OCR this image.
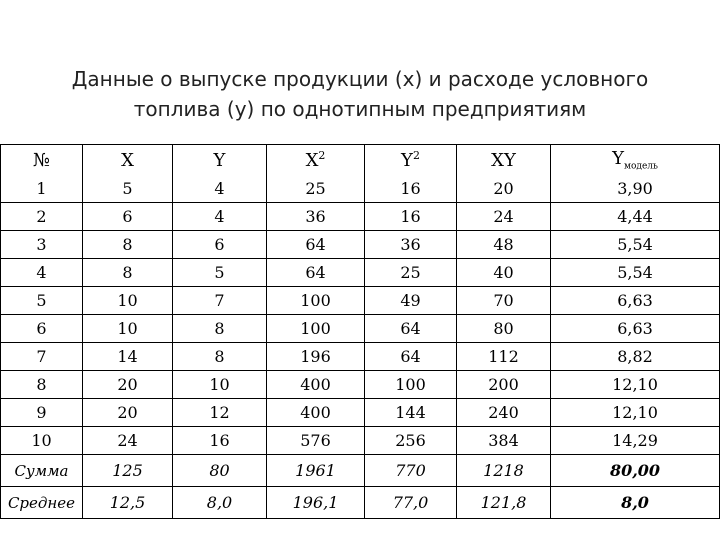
Данные о выпуске продукции (х) и расходе условного
топлива (у) по однотипным предприятиям
№	X	Y	$X^2$	$Y^2$	XY	$Y_{модель}$
1	5	4	25	16	20	3,90
2	6	4	36	16	24	4,44
3	8	6	64	36	48	5,54
4	8	5	64	25	40	5,54
5	10	7	100	49	70	6,63
6	10	8	100	64	80	6,63
7	14	8	196	64	112	8,82
8	20	10	400	100	200	12,10
9	20	12	400	144	240	12,10
10	24	16	576	256	384	14,29
Сумма	125	80	1961	770	1218	80,00
Среднее	12,5	8,0	196,1	77,0	121,8	8,0
